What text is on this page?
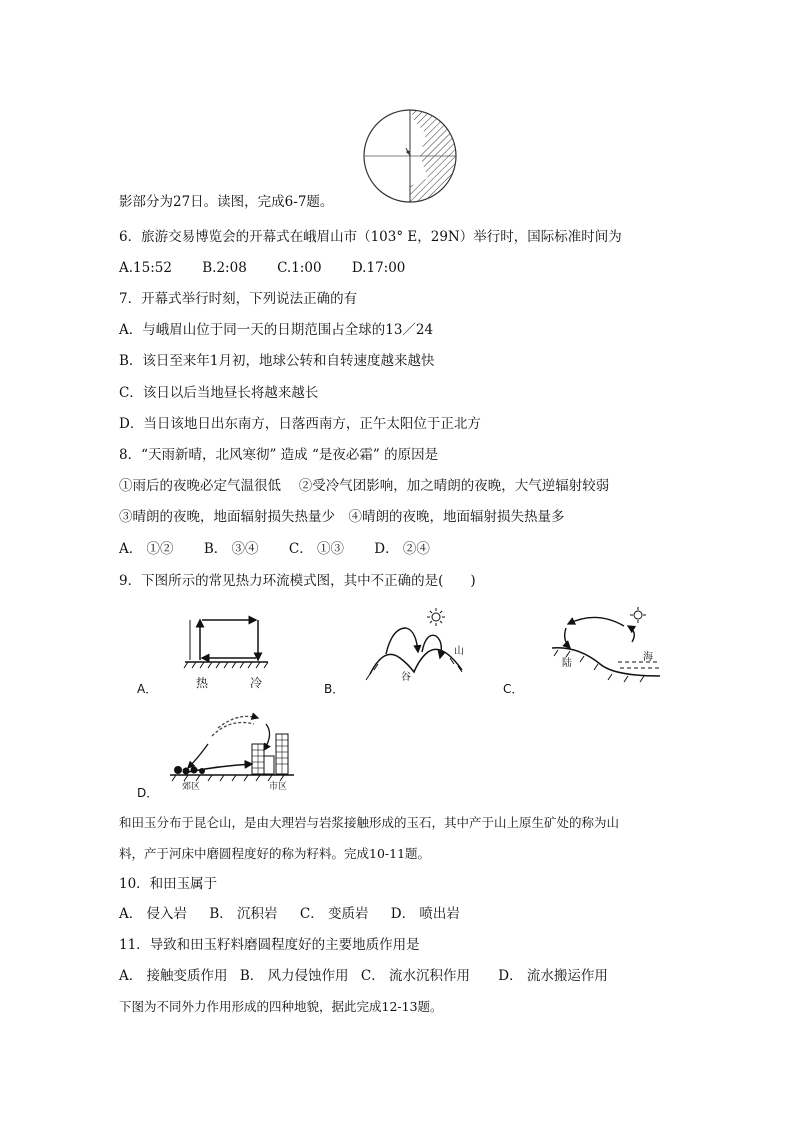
影部分为27日。读图，完成6-7题。
6．旅游交易博览会的开幕式在峨眉山市（103° E，29N）举行时，国际标准时间为
A.15:52 B.2:08 C.1:00 D.17:00
7．开幕式举行时刻，下列说法正确的有
A．与峨眉山位于同一天的日期范围占全球的13／24
B．该日至来年1月初，地球公转和自转速度越来越快
C．该日以后当地昼长将越来越长
D．当日该地日出东南方，日落西南方，正午太阳位于正北方
8．“天雨新晴，北风寒彻” 造成 “是夜必霜” 的原因是
①雨后的夜晚必定气温很低　 ②受冷气团影响，加之晴朗的夜晚，大气逆辐射较弱
③晴朗的夜晚，地面辐射损失热量少　④晴朗的夜晚，地面辐射损失热量多
A． ①② B． ③④ C． ①③ D． ②④
9．下图所示的常见热力环流模式图，其中不正确的是(　　)
A．	热	冷
山
谷
B．
陆
海
C．
郊区	市区
D．
和田玉分布于昆仑山，是由大理岩与岩浆接触形成的玉石，其中产于山上原生矿处的称为山
料，产于河床中磨圆程度好的称为籽料。完成10-11题。
10．和田玉属于
A． 侵入岩 B． 沉积岩 C． 变质岩 D． 喷出岩
11．导致和田玉籽料磨圆程度好的主要地质作用是
A． 接触变质作用 B． 风力侵蚀作用 C． 流水沉积作用 D． 流水搬运作用
下图为不同外力作用形成的四种地貌，据此完成12-13题。
